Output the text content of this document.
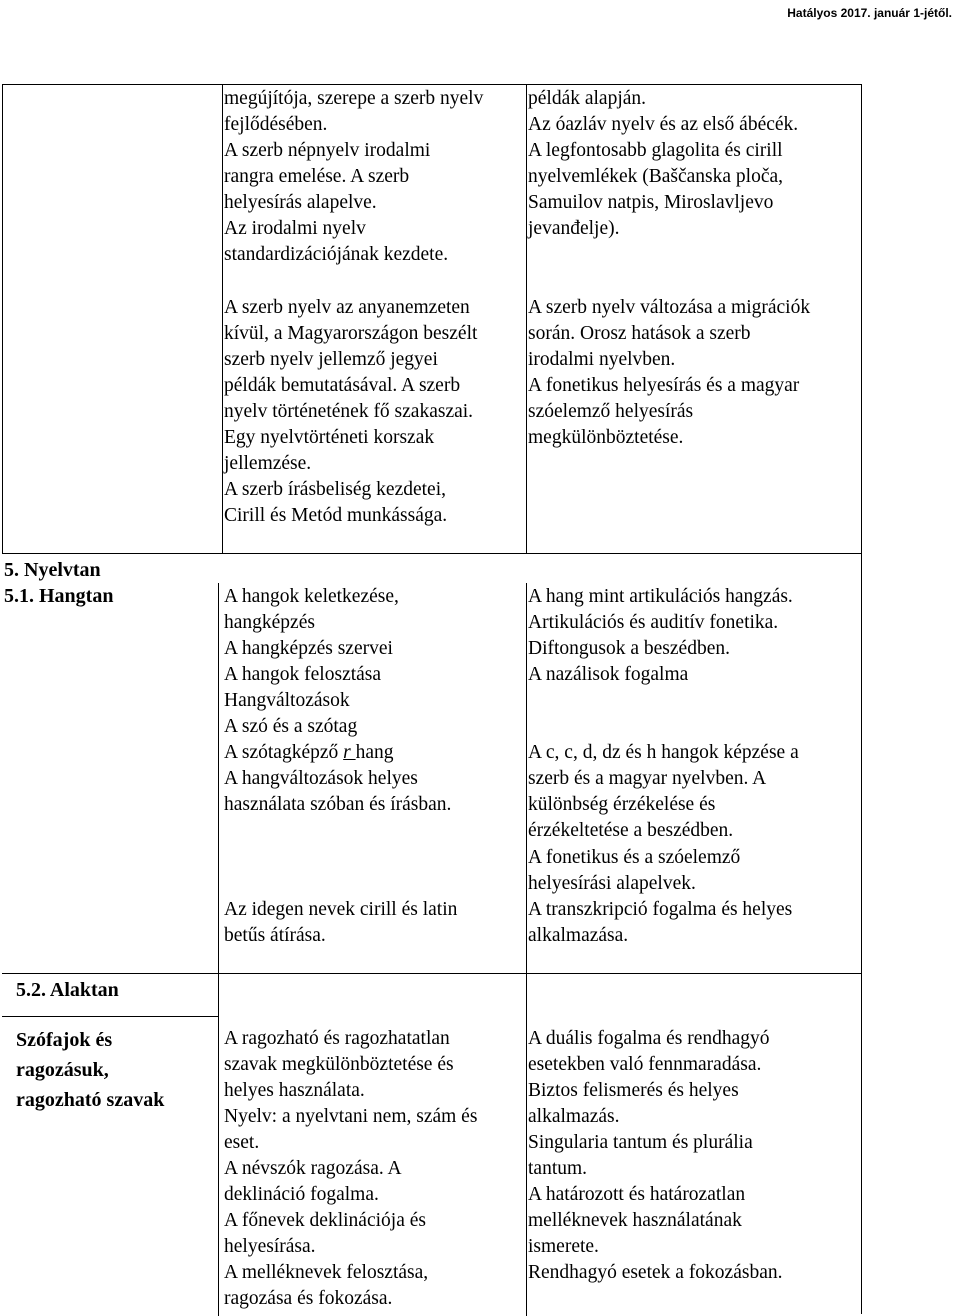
Hatályos 2017. január 1-jétől.
megújítója, szerepe a szerb nyelv
fejlődésében.
A szerb népnyelv irodalmi
rangra emelése. A szerb
helyesírás alapelve.
Az irodalmi nyelv
standardizációjának kezdete.
példák alapján.
Az óazláv nyelv és az első ábécék.
A legfontosabb glagolita és cirill
nyelvemlékek (Baščanska ploča,
Samuilov natpis, Miroslavljevo
jevanđelje).
A szerb nyelv az anyanemzeten
kívül, a Magyarországon beszélt
szerb nyelv jellemző jegyei
példák bemutatásával. A szerb
nyelv történetének fő szakaszai.
Egy nyelvtörténeti korszak
jellemzése.
A szerb írásbeliség kezdetei,
Cirill és Metód munkássága.
A szerb nyelv változása a migrációk
során. Orosz hatások a szerb
irodalmi nyelvben.
A fonetikus helyesírás és a magyar
szóelemző helyesírás
megkülönböztetése.
5. Nyelvtan
5.1. Hangtan
5.2. Alaktan
A hangok keletkezése,
hangképzés
A hangképzés szervei
A hangok felosztása
Hangváltozások
A szó és a szótag
A szótagképző r hang
A hangváltozások helyes
használata szóban és írásban.
Az idegen nevek cirill és latin
betűs átírása.
A hang mint artikulációs hangzás.
Artikulációs és auditív fonetika.
Diftongusok a beszédben.
A nazálisok fogalma
A c, c, d, dz és h hangok képzése a
szerb és a magyar nyelvben. A
különbség érzékelése és
érzékeltetése a beszédben.
A fonetikus és a szóelemző
helyesírási alapelvek.
A transzkripció fogalma és helyes
alkalmazása.
Szófajok és
ragozásuk,
ragozható szavak
A ragozható és ragozhatatlan
szavak megkülönböztetése és
helyes használata.
Nyelv: a nyelvtani nem, szám és
eset.
A névszók ragozása. A
deklináció fogalma.
A főnevek deklinációja és
helyesírása.
A melléknevek felosztása,
ragozása és fokozása.
A duális fogalma és rendhagyó
esetekben való fennmaradása.
Biztos felismerés és helyes
alkalmazás.
Singularia tantum és plurália
tantum.
A határozott és határozatlan
melléknevek használatának
ismerete.
Rendhagyó esetek a fokozásban.
